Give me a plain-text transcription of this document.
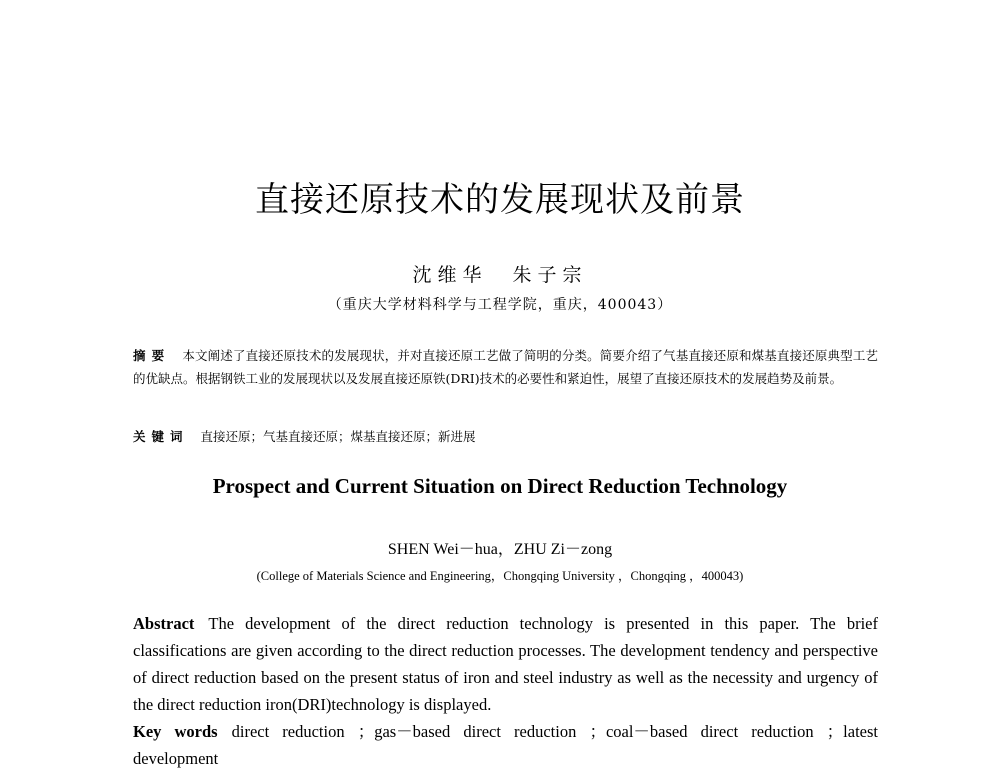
直接还原技术的发展现状及前景
沈维华　朱子宗
（重庆大学材料科学与工程学院，重庆，400043）
摘要 本文阐述了直接还原技术的发展现状，并对直接还原工艺做了简明的分类。简要介绍了气基直接还原和煤基直接还原典型工艺的优缺点。根据钢铁工业的发展现状以及发展直接还原铁(DRI)技术的必要性和紧迫性，展望了直接还原技术的发展趋势及前景。
关键词 直接还原；气基直接还原；煤基直接还原；新进展
Prospect and Current Situation on Direct Reduction Technology
SHEN Wei－hua，ZHU Zi－zong
(College of Materials Science and Engineering，Chongqing University ，Chongqing ，400043)
Abstract The development of the direct reduction technology is presented in this paper. The brief classifications are given according to the direct reduction processes. The development tendency and perspective of direct reduction based on the present status of iron and steel industry as well as the necessity and urgency of the direct reduction iron(DRI)technology is displayed.
Key words direct reduction ；gas－based direct reduction ；coal－based direct reduction ；latest development
